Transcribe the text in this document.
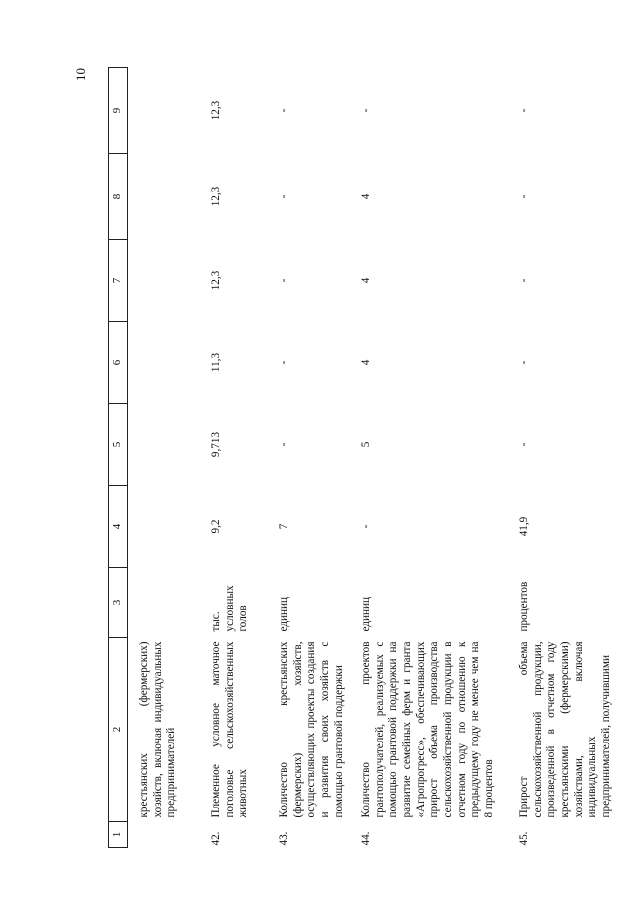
10
1	2	3	4	5	6	7	8	9
	крестьянских (фермерских) хозяйств, включая индивидуальных предпринимателей							
42.	Племенное условное маточное поголовье сельскохозяйственных животных	тыс. условных голов	9,2	9,713	11,3	12,3	12,3	12,3
43.	Количество крестьянских (фермерских) хозяйств, осуществляющих проекты создания и развития своих хозяйств с помощью грантовой поддержки	единиц	7	-	-	-	-	-
44.	Количество проектов грантополучателей, реализуемых с помощью грантовой поддержки на развитие семейных ферм и гранта «Агропрогресс», обеспечивающих прирост объема производства сельскохозяйственной продукции в отчетном году по отношению к предыдущему году не менее чем на 8 процентов	единиц	-	5	4	4	4	-
45.	Прирост объема сельскохозяйственной продукции, произведенной в отчетном году крестьянскими (фермерскими) хозяйствами, включая индивидуальных предпринимателей, получившими	процентов	41,9	-	-	-	-	-
